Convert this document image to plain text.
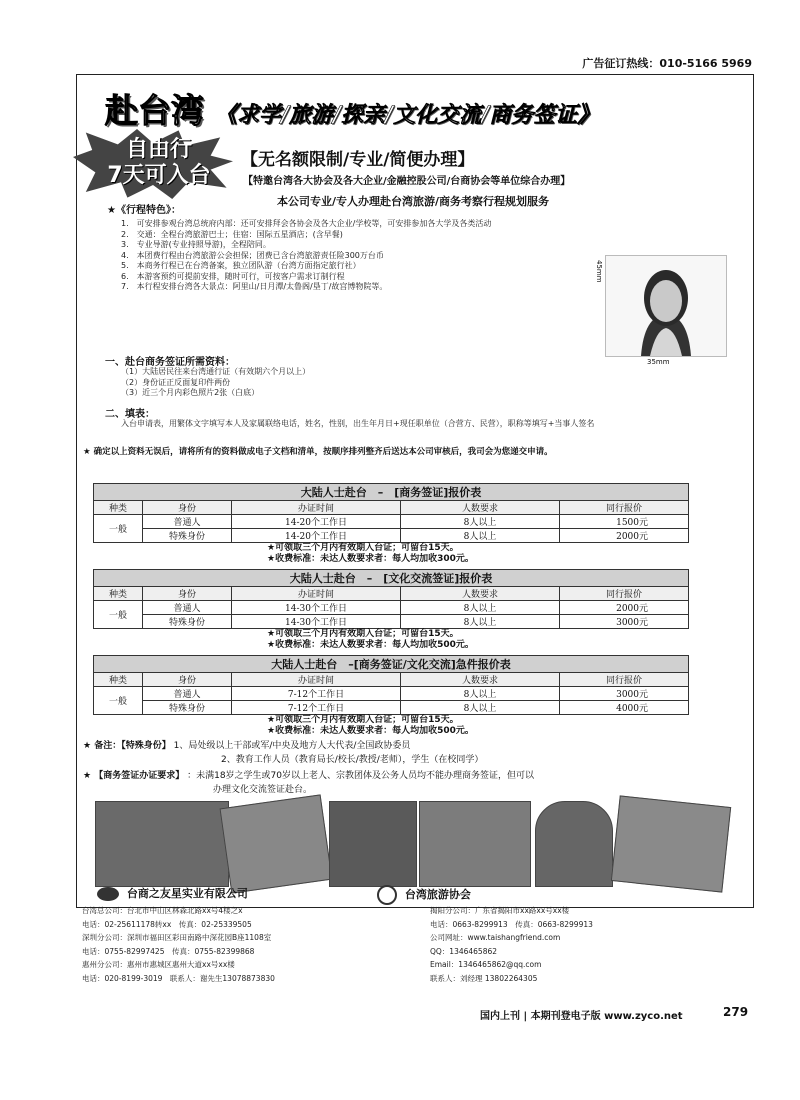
广告征订热线：010-5166 5969
赴台湾 《求学/旅游/探亲/文化交流/商务签证》
自由行
7天可入台
【无名额限制/专业/简便办理】
【特邀台湾各大协会及各大企业/金融控股公司/台商协会等单位综合办理】
本公司专业/专人办理赴台湾旅游/商务考察行程规划服务
★《行程特色》：
1.　可安排参观台湾总统府内部：还可安排拜会各协会及各大企业/学校等，可安排参加各大学及各类活动
2.　交通：全程台湾旅游巴士；住宿：国际五星酒店；(含早餐)
3.　专业导游(专业持照导游)，全程陪同。
4.　本团费行程由台湾旅游公会担保；团费已含台湾旅游责任险300万台币
5.　本商务行程已在台湾备案，独立团队游（台湾方面指定旅行社）
6.　本游客预约可提前安排，随时可行，可按客户需求订制行程
7.　本行程安排台湾各大景点：阿里山/日月潭/太鲁阁/垦丁/故宫博物院等。
45mm
35mm
一、赴台商务签证所需资料：
（1）大陆居民往来台湾通行证（有效期六个月以上）
（2）身份证正反面复印件两份
（3）近三个月内彩色照片2张（白底）
二、填表：
入台申请表，用繁体文字填写本人及家属联络电话，姓名，性别，出生年月日+现任职单位（合营方、民营），职称等填写+当事人签名
★ 确定以上资料无误后，请将所有的资料做成电子文档和清单，按顺序排列整齐后送达本公司审核后，我司会为您递交申请。
大陆人士赴台　–　[商务签证]报价表				
种类	身份	办证时间	人数要求	同行报价
一般	普通人	14-20个工作日	8人以上	1500元
	特殊身份	14-20个工作日	8人以上	2000元
★可领取三个月内有效期入台证；可留台15天。
★收费标准：未达人数要求者：每人均加收300元。
大陆人士赴台　–　[文化交流签证]报价表				
种类	身份	办证时间	人数要求	同行报价
一般	普通人	14-30个工作日	8人以上	2000元
	特殊身份	14-30个工作日	8人以上	3000元
★可领取三个月内有效期入台证；可留台15天。
★收费标准：未达人数要求者：每人均加收500元。
大陆人士赴台　–[商务签证/文化交流]急件报价表				
种类	身份	办证时间	人数要求	同行报价
一般	普通人	7-12个工作日	8人以上	3000元
	特殊身份	7-12个工作日	8人以上	4000元
★可领取三个月内有效期入台证；可留台15天。
★收费标准：未达人数要求者：每人均加收500元。
★ 备注：【特殊身份】 1、局处级以上干部或军/中央及地方人大代表/全国政协委员
2、教育工作人员（教育局长/校长/教授/老师），学生（在校同学）
★ 【商务签证办证要求】 ：未满18岁之学生或70岁以上老人、宗教团体及公务人员均不能办理商务签证，但可以
办理文化交流签证赴台。
台商之友星实业有限公司	台湾旅游协会
台湾总公司：台北市中山区林森北路xx号4楼之x
电话：02-25611178转xx　传真：02-25339505
深圳分公司：深圳市福田区彩田南路中深花园B座1108室
电话：0755-82997425　传真：0755-82399868
惠州分公司：惠州市惠城区惠州大道xx号xx楼
电话：020-8199-3019　联系人：谢先生13078873830
揭阳分公司：广东省揭阳市xx路xx号xx楼
电话：0663-8299913　传真：0663-8299913
公司网址：www.taishangfriend.com
QQ：1346465862
Email：1346465862@qq.com
联系人：刘经理 13802264305
国内上刊 | 本期刊登电子版 www.zyco.net	279
